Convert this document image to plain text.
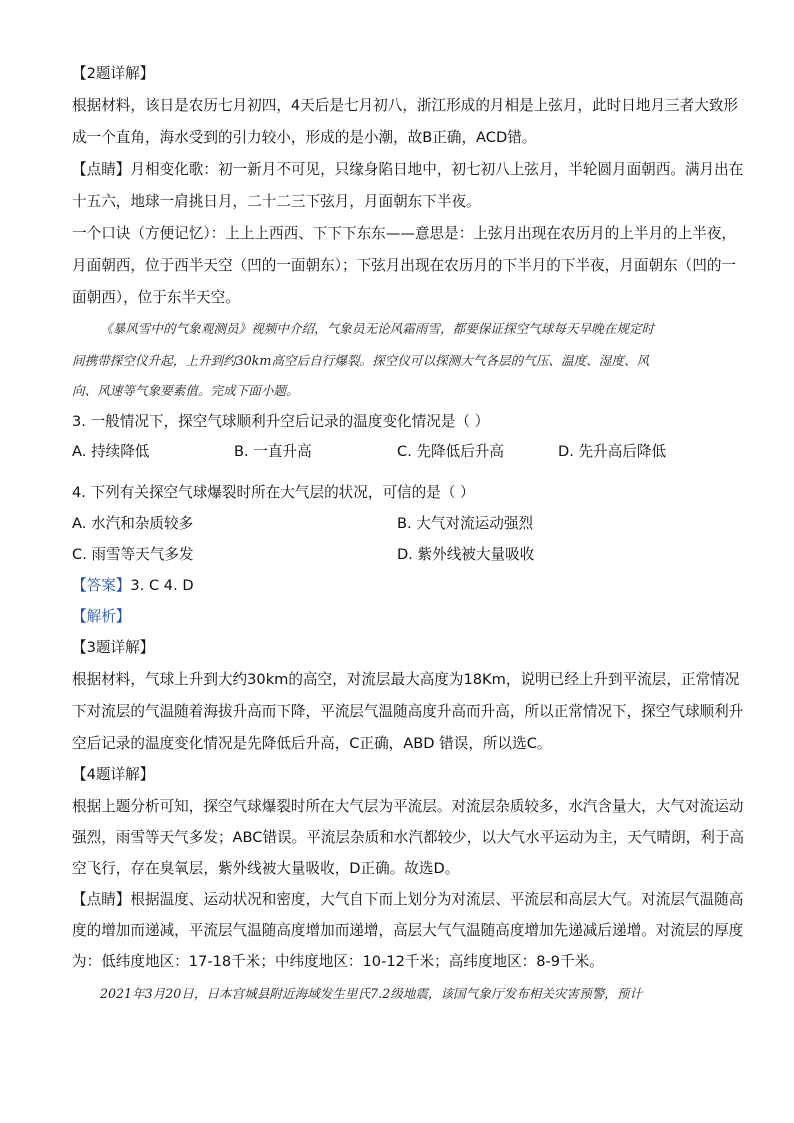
【2题详解】
根据材料，该日是农历七月初四，4天后是七月初八，浙江形成的月相是上弦月，此时日地月三者大致形
成一个直角，海水受到的引力较小，形成的是小潮，故B正确，ACD错。
【点睛】月相变化歌：初一新月不可见，只缘身陷日地中，初七初八上弦月，半轮圆月面朝西。满月出在
十五六，地球一肩挑日月，二十二三下弦月，月面朝东下半夜。
一个口诀（方便记忆）：上上上西西、下下下东东——意思是：上弦月出现在农历月的上半月的上半夜，
月面朝西，位于西半天空（凹的一面朝东）；下弦月出现在农历月的下半月的下半夜，月面朝东（凹的一
面朝西），位于东半天空。
《暴风雪中的气象观测员》视频中介绍，气象员无论风霜雨雪，都要保证探空气球每天早晚在规定时
间携带探空仪升起，上升到约30km高空后自行爆裂。探空仪可以探测大气各层的气压、温度、湿度、风
向、风速等气象要素值。完成下面小题。
3. 一般情况下，探空气球顺利升空后记录的温度变化情况是（ ）
A. 持续降低	B. 一直升高	C. 先降低后升高	D. 先升高后降低
4. 下列有关探空气球爆裂时所在大气层的状况，可信的是（ ）
A. 水汽和杂质较多	B. 大气对流运动强烈
C. 雨雪等天气多发	D. 紫外线被大量吸收
【答案】3. C 4. D
【解析】
【3题详解】
根据材料，气球上升到大约30km的高空，对流层最大高度为18Km，说明已经上升到平流层，正常情况
下对流层的气温随着海拔升高而下降，平流层气温随高度升高而升高，所以正常情况下，探空气球顺利升
空后记录的温度变化情况是先降低后升高，C正确，ABD 错误，所以选C。
【4题详解】
根据上题分析可知，探空气球爆裂时所在大气层为平流层。对流层杂质较多，水汽含量大，大气对流运动
强烈，雨雪等天气多发；ABC错误。平流层杂质和水汽都较少，以大气水平运动为主，天气晴朗，利于高
空飞行，存在臭氧层，紫外线被大量吸收，D正确。故选D。
【点睛】根据温度、运动状况和密度，大气自下而上划分为对流层、平流层和高层大气。对流层气温随高
度的增加而递减，平流层气温随高度增加而递增，高层大气气温随高度增加先递减后递增。对流层的厚度
为：低纬度地区：17-18千米；中纬度地区：10-12千米；高纬度地区：8-9千米。
2021年3月20日，日本宫城县附近海域发生里氏7.2级地震，该国气象厅发布相关灾害预警，预计
